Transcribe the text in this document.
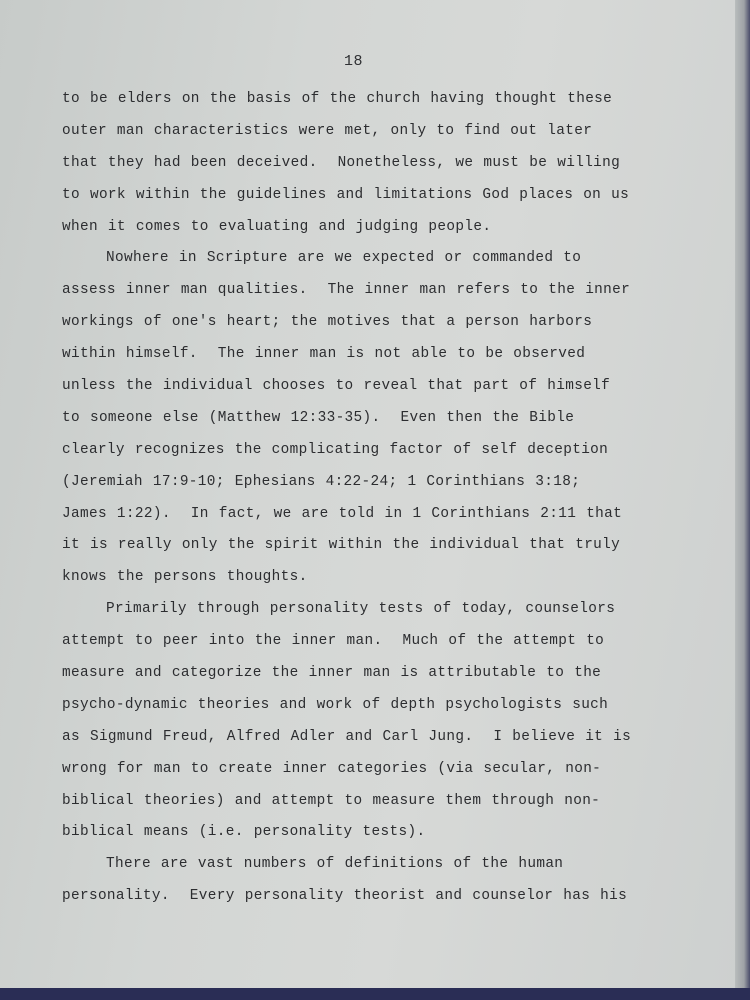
18
to be elders on the basis of the church having thought these
outer man characteristics were met, only to find out later
that they had been deceived.  Nonetheless, we must be willing
to work within the guidelines and limitations God places on us
when it comes to evaluating and judging people.
Nowhere in Scripture are we expected or commanded to
assess inner man qualities.  The inner man refers to the inner
workings of one's heart; the motives that a person harbors
within himself.  The inner man is not able to be observed
unless the individual chooses to reveal that part of himself
to someone else (Matthew 12:33-35).  Even then the Bible
clearly recognizes the complicating factor of self deception
(Jeremiah 17:9-10; Ephesians 4:22-24; 1 Corinthians 3:18;
James 1:22).  In fact, we are told in 1 Corinthians 2:11 that
it is really only the spirit within the individual that truly
knows the persons thoughts.
Primarily through personality tests of today, counselors
attempt to peer into the inner man.  Much of the attempt to
measure and categorize the inner man is attributable to the
psycho-dynamic theories and work of depth psychologists such
as Sigmund Freud, Alfred Adler and Carl Jung.  I believe it is
wrong for man to create inner categories (via secular, non-
biblical theories) and attempt to measure them through non-
biblical means (i.e. personality tests).
There are vast numbers of definitions of the human
personality.  Every personality theorist and counselor has his
